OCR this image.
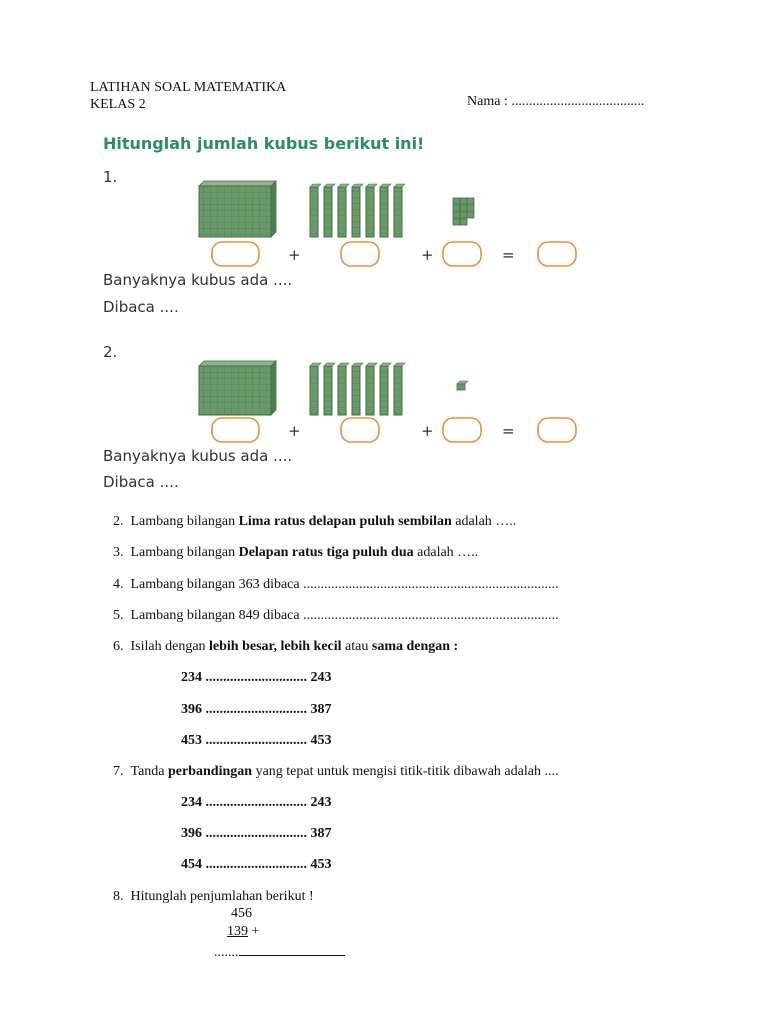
LATIHAN SOAL MATEMATIKA
KELAS 2	Nama : ......................................
Hitunglah jumlah kubus berikut ini!
1.
Banyaknya kubus ada ....
Dibaca ....
2.
Banyaknya kubus ada ....
Dibaca ....
+	+	=
+	+	=
2. Lambang bilangan Lima ratus delapan puluh sembilan adalah …..
3. Lambang bilangan Delapan ratus tiga puluh dua adalah …..
4. Lambang bilangan 363 dibaca .........................................................................
5. Lambang bilangan 849 dibaca .........................................................................
6. Isilah dengan lebih besar, lebih kecil atau sama dengan :
234 ............................. 243
396 ............................. 387
453 ............................. 453
7. Tanda perbandingan yang tepat untuk mengisi titik-titik dibawah adalah ....
234 ............................. 243
396 ............................. 387
454 ............................. 453
8. Hitunglah penjumlahan berikut !
456
139 +
.......
